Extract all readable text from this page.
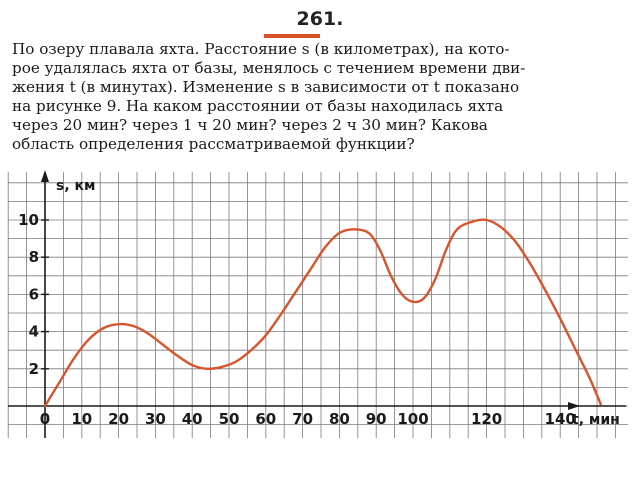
261.
По озеру плавала яхта. Расстояние s (в километрах), на кото-
рое удалялась яхта от базы, менялось с течением времени дви-
жения t (в минутах). Изменение s в зависимости от t показано
на рисунке 9. На каком расстоянии от базы находилась яхта
через 20 мин? через 1 ч 20 мин? через 2 ч 30 мин? Какова
область определения рассматриваемой функции?
0 10 20 30 40 50 60 70 80 90 100	120	140
2
4
6
8
10
s, км
t, мин
